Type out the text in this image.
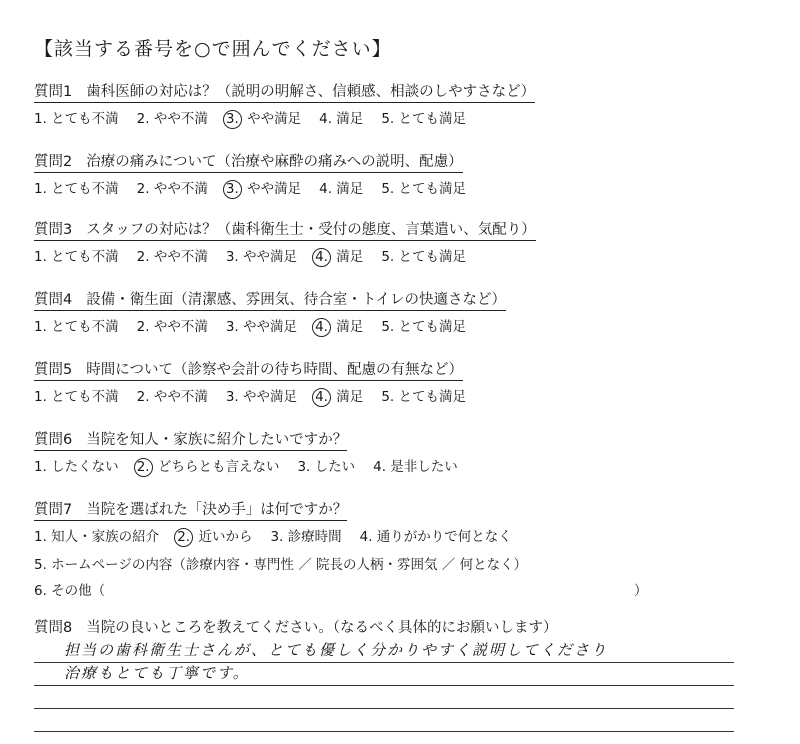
【該当する番号を○で囲んでください】
質問1 歯科医師の対応は？（説明の明解さ、信頼感、相談のしやすさなど）
1. とても不満 2. やや不満 3. やや満足 4. 満足 5. とても満足
質問2 治療の痛みについて（治療や麻酔の痛みへの説明、配慮）
1. とても不満 2. やや不満 3. やや満足 4. 満足 5. とても満足
質問3 スタッフの対応は？（歯科衛生士・受付の態度、言葉遣い、気配り）
1. とても不満 2. やや不満 3. やや満足 4. 満足 5. とても満足
質問4 設備・衛生面（清潔感、雰囲気、待合室・トイレの快適さなど）
1. とても不満 2. やや不満 3. やや満足 4. 満足 5. とても満足
質問5 時間について（診察や会計の待ち時間、配慮の有無など）
1. とても不満 2. やや不満 3. やや満足 4. 満足 5. とても満足
質問6 当院を知人・家族に紹介したいですか？
1. したくない 2. どちらとも言えない 3. したい 4. 是非したい
質問7 当院を選ばれた「決め手」は何ですか？
1. 知人・家族の紹介 2. 近いから 3. 診療時間 4. 通りがかりで何となく
5. ホームページの内容（診療内容・専門性 ／ 院長の人柄・雰囲気 ／ 何となく）
6. その他（	）
質問8 当院の良いところを教えてください。（なるべく具体的にお願いします）
担当の歯科衛生士さんが、とても優しく分かりやすく説明してくださり
治療もとても丁寧です。
